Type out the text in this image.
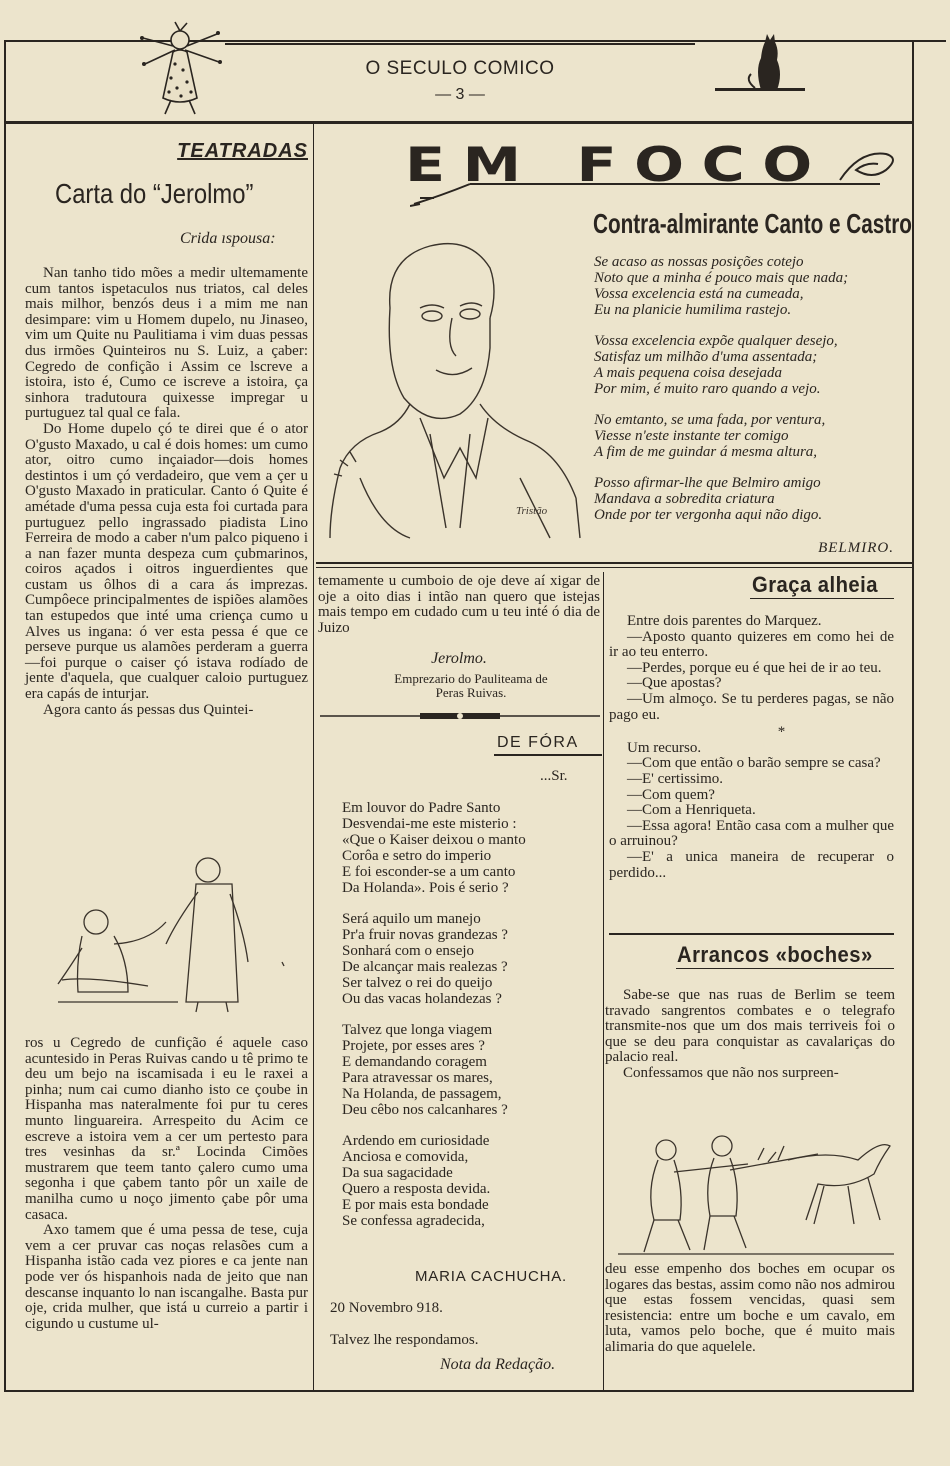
O SECULO COMICO
— 3 —
TEATRADAS
Carta do “Jerolmo”
Crida ıspousa:

Nan tanho tido mões a medir ultemamente cum tantos ispetaculos nus triatos, cal deles mais milhor, benzós deus i a mim me nan desimpare: vim u Homem dupelo, nu Jinaseo, vim um Quite nu Paulitiama i vim duas pessas dus irmões Quinteiros nu S. Luiz, a çaber: Cegredo de confição i Assim ce lscreve a istoira, isto é, Cumo ce iscreve a istoira, ça sinhora tradutoura quixesse impregar u purtuguez tal qual ce fala.

Do Home dupelo çó te direi que é o ator O'gusto Maxado, u cal é dois homes: um cumo ator, oitro cumo inçaiador—dois homes destintos i um çó verdadeiro, que vem a çer u O'gusto Maxado in praticular. Canto ó Quite é amétade d'uma pessa cuja esta foi curtada para purtuguez pello ingrassado piadista Lino Ferreira de modo a caber n'um palco piqueno i a nan fazer munta despeza cum çubmarinos, coiros açados i oitros inguerdientes que custam us ôlhos di a cara ás imprezas. Cumpôece principalmentes de ispiões alamões tan estupedos que inté uma criença cumo u Alves us ingana: ó ver esta pessa é que ce perseve purque us alamões perderam a guerra—foi purque o caiser çó istava rodíado de jente d'aquela, que cualquer caloio purtuguez era capás de inturjar.

Agora canto ás pessas dus Quintei-

ros u Cegredo de cunfição é aquele caso acuntesido in Peras Ruivas cando u tê primo te deu um bejo na iscamisada i eu le raxei a pinha; num cai cumo dianho isto ce çoube in Hispanha mas nateralmente foi pur tu ceres munto linguareira. Arrespeito du Acim ce escreve a istoira vem a cer um pertesto para tres vesinhas da sr.ª Locinda Cimões mustrarem que teem tanto çalero cumo uma segonha i que çabem tanto pôr un xaile de manilha cumo u noço jimento çabe pôr uma casaca.

Axo tamem que é uma pessa de tese, cuja vem a cer pruvar cas noças relasões cum a Hispanha istão cada vez piores e ca jente nan pode ver ós hispanhois nada de jeito que nan descanse inquanto lo nan iscangalhe. Basta pur oje, crida mulher, que istá u curreio a partir i cigundo u custume ul-

EM FOCO
Contra-almirante Canto e Castro
Tristão
Se acaso as nossas posições cotejo
Noto que a minha é pouco mais que nada;
Vossa excelencia está na cumeada,
Eu na planicie humilima rastejo.
Vossa excelencia expõe qualquer desejo,
Satisfaz um milhão d'uma assentada;
A mais pequena coisa desejada
Por mim, é muito raro quando a vejo.
No emtanto, se uma fada, por ventura,
Viesse n'este instante ter comigo
A fim de me guindar á mesma altura,
Posso afirmar-lhe que Belmiro amigo
Mandava a sobredita criatura
Onde por ter vergonha aqui não digo.
BELMIRO.

temamente u cumboio de oje deve aí xigar de oje a oito dias i intão nan quero que istejas mais tempo em cudado cum u teu inté ó dia de Juizo

Jerolmo.
Emprezario do Pauliteama de Peras Ruivas.
DE FÓRA
...Sr.
Em louvor do Padre Santo
Desvendai-me este misterio :
«Que o Kaiser deixou o manto
Corôa e setro do imperio
E foi esconder-se a um canto
Da Holanda». Pois é serio ?
Será aquilo um manejo
Pr'a fruir novas grandezas ?
Sonhará com o ensejo
De alcançar mais realezas ?
Ser talvez o rei do queijo
Ou das vacas holandezas ?
Talvez que longa viagem
Projete, por esses ares ?
E demandando coragem
Para atravessar os mares,
Na Holanda, de passagem,
Deu cêbo nos calcanhares ?
Ardendo em curiosidade
Anciosa e comovida,
Da sua sagacidade
Quero a resposta devida.
E por mais esta bondade
Se confessa agradecida,
MARIA CACHUCHA.
20 Novembro 918.
Talvez lhe respondamos.
Nota da Redação.
Graça alheia

Entre dois parentes do Marquez.

—Aposto quanto quizeres em como hei de ir ao teu enterro.

—Perdes, porque eu é que hei de ir ao teu.

—Que apostas?

—Um almoço. Se tu perderes pagas, se não pago eu.

*

Um recurso.

—Com que então o barão sempre se casa?

—E' certissimo.

—Com quem?

—Com a Henriqueta.

—Essa agora! Então casa com a mulher que o arruinou?

—E' a unica maneira de recuperar o perdido...

Arrancos «boches»

Sabe-se que nas ruas de Berlim se teem travado sangrentos combates e o telegrafo transmite-nos que um dos mais terriveis foi o que se deu para conquistar as cavalariças do palacio real.

Confessamos que não nos surpreen-

deu esse empenho dos boches em ocupar os logares das bestas, assim como não nos admirou que estas fossem vencidas, quasi sem resistencia: entre um boche e um cavalo, em luta, vamos pelo boche, que é muito mais alimaria do que aquelele.
